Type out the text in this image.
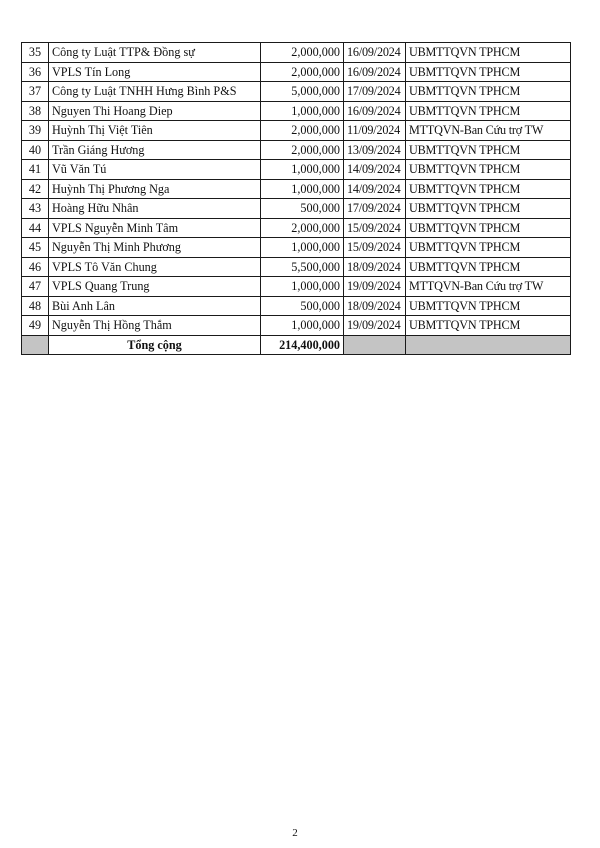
35	Công ty Luật TTP& Đồng sự	2,000,000	16/09/2024	UBMTTQVN TPHCM
36	VPLS Tín Long	2,000,000	16/09/2024	UBMTTQVN TPHCM
37	Công ty Luật TNHH Hưng Bình P&S	5,000,000	17/09/2024	UBMTTQVN TPHCM
38	Nguyen Thi Hoang Diep	1,000,000	16/09/2024	UBMTTQVN TPHCM
39	Huỳnh Thị Việt Tiên	2,000,000	11/09/2024	MTTQVN-Ban Cứu trợ TW
40	Trần Giáng Hương	2,000,000	13/09/2024	UBMTTQVN TPHCM
41	Vũ Văn Tú	1,000,000	14/09/2024	UBMTTQVN TPHCM
42	Huỳnh Thị Phương Nga	1,000,000	14/09/2024	UBMTTQVN TPHCM
43	Hoàng Hữu Nhân	500,000	17/09/2024	UBMTTQVN TPHCM
44	VPLS Nguyễn Minh Tâm	2,000,000	15/09/2024	UBMTTQVN TPHCM
45	Nguyễn Thị Minh Phương	1,000,000	15/09/2024	UBMTTQVN TPHCM
46	VPLS Tô Văn Chung	5,500,000	18/09/2024	UBMTTQVN TPHCM
47	VPLS Quang Trung	1,000,000	19/09/2024	MTTQVN-Ban Cứu trợ TW
48	Bùi Anh Lân	500,000	18/09/2024	UBMTTQVN TPHCM
49	Nguyễn Thị Hồng Thắm	1,000,000	19/09/2024	UBMTTQVN TPHCM
	Tổng cộng	214,400,000		
2
